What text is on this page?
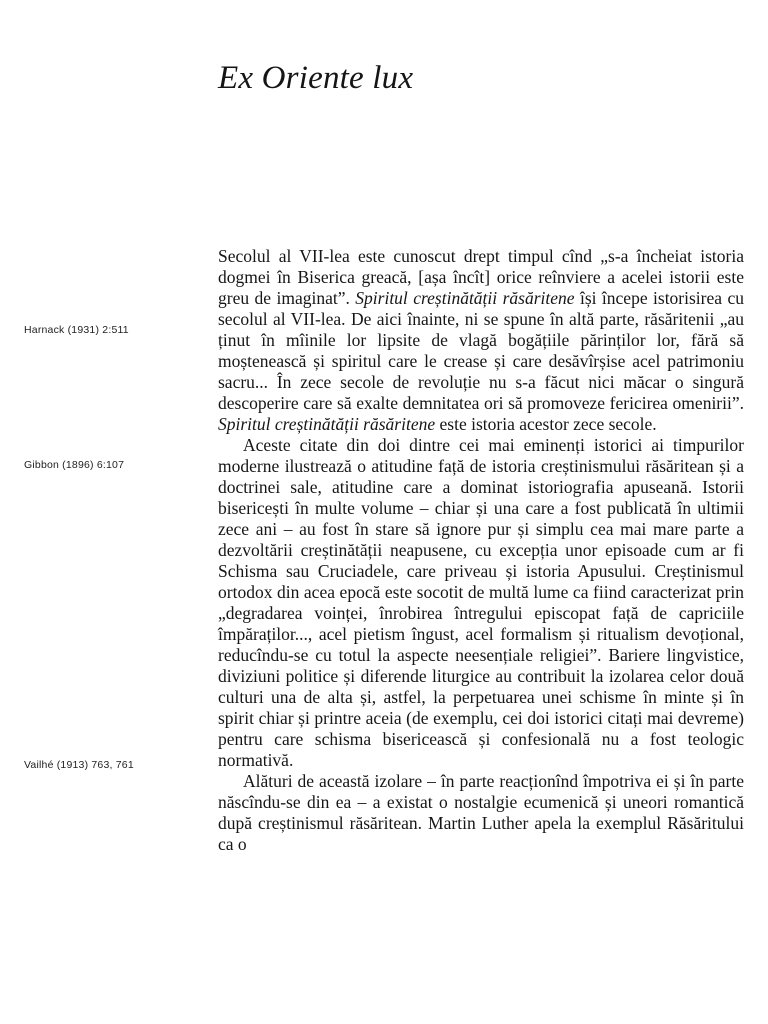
Ex Oriente lux
Harnack (1931) 2:511
Gibbon (1896) 6:107
Vailhé (1913) 763, 761

Secolul al VII-lea este cunoscut drept timpul cînd „s-a încheiat istoria dogmei în Biserica greacă, [așa încît] orice reînviere a acelei istorii este greu de imaginat”. Spiritul creștinătății răsăritene își începe istorisirea cu secolul al VII-lea. De aici înainte, ni se spune în altă parte, răsăritenii „au ținut în mîinile lor lipsite de vlagă bogățiile părinților lor, fără să moștenească și spiritul care le crease și care desăvîrșise acel patrimoniu sacru... În zece secole de revoluție nu s-a făcut nici măcar o singură descoperire care să exalte demnitatea ori să promoveze fericirea omenirii”. Spiritul creștinătății răsăritene este istoria acestor zece secole.

Aceste citate din doi dintre cei mai eminenți istorici ai timpurilor moderne ilustrează o atitudine față de istoria creștinismului răsăritean și a doctrinei sale, atitudine care a dominat istoriografia apuseană. Istorii bisericești în multe volume – chiar și una care a fost publicată în ultimii zece ani – au fost în stare să ignore pur și simplu cea mai mare parte a dezvoltării creștinătății neapusene, cu excepția unor episoade cum ar fi Schisma sau Cruciadele, care priveau și istoria Apusului. Creștinismul ortodox din acea epocă este socotit de multă lume ca fiind caracterizat prin „degradarea voinței, înrobirea întregului episcopat față de capriciile împăraților..., acel pietism îngust, acel formalism și ritualism devoțional, reducîndu-se cu totul la aspecte neesențiale religiei”. Bariere lingvistice, diviziuni politice și diferende liturgice au contribuit la izolarea celor două culturi una de alta și, astfel, la perpetuarea unei schisme în minte și în spirit chiar și printre aceia (de exemplu, cei doi istorici citați mai devreme) pentru care schisma bisericească și confesională nu a fost teologic normativă.

Alături de această izolare – în parte reacționînd împotriva ei și în parte născîndu-se din ea – a existat o nostalgie ecumenică și uneori romantică după creștinismul răsăritean. Martin Luther apela la exemplul Răsăritului ca o
